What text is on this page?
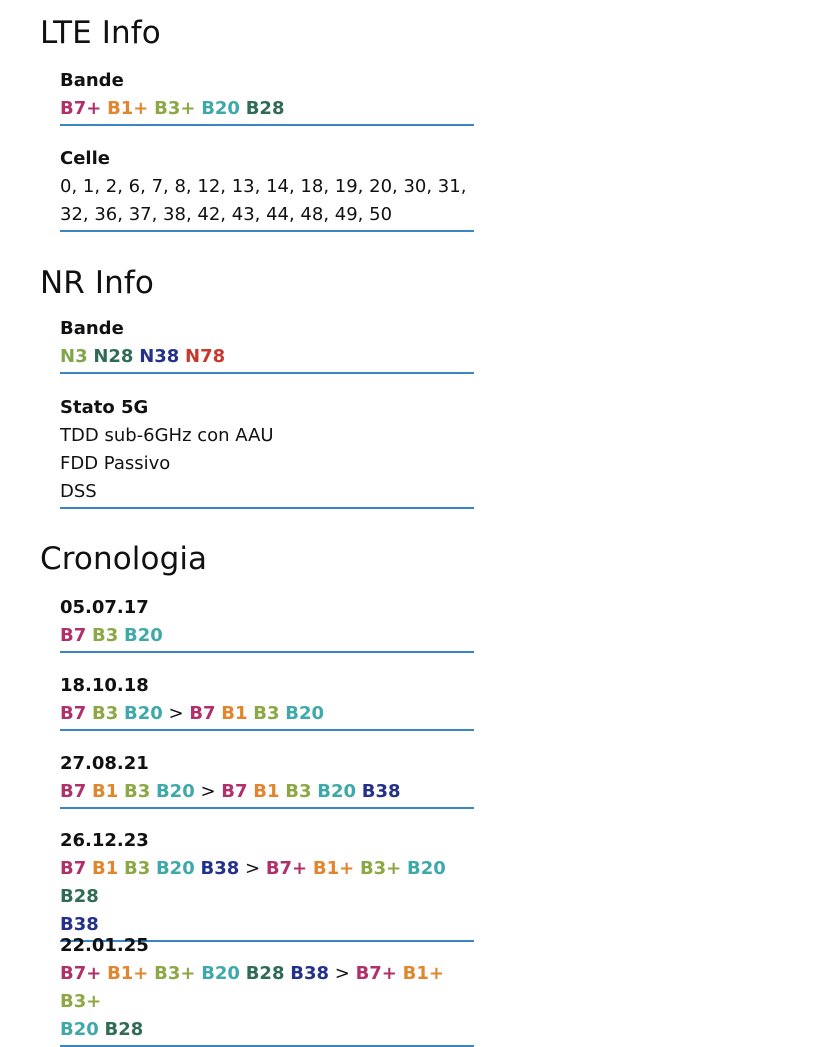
LTE Info
Bande
B7+ B1+ B3+ B20 B28
Celle
0, 1, 2, 6, 7, 8, 12, 13, 14, 18, 19, 20, 30, 31,
32, 36, 37, 38, 42, 43, 44, 48, 49, 50
NR Info
Bande
N3 N28 N38 N78
Stato 5G
TDD sub-6GHz con AAU
FDD Passivo
DSS
Cronologia
05.07.17
B7 B3 B20
18.10.18
B7 B3 B20 > B7 B1 B3 B20
27.08.21
B7 B1 B3 B20 > B7 B1 B3 B20 B38
26.12.23
B7 B1 B3 B20 B38 > B7+ B1+ B3+ B20 B28
B38
22.01.25
B7+ B1+ B3+ B20 B28 B38 > B7+ B1+ B3+
B20 B28
